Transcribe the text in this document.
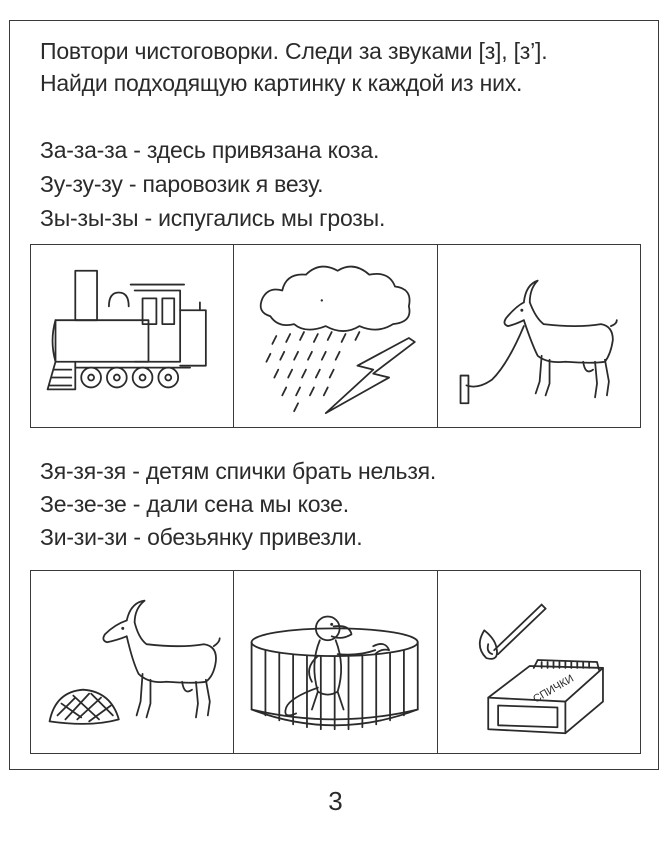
Повтори чистоговорки. Следи за звуками [з], [з’].
Найди подходящую картинку к каждой из них.
За-за-за - здесь привязана коза.
Зу-зу-зу - паровозик я везу.
Зы-зы-зы - испугались мы грозы.
Зя-зя-зя - детям спички брать нельзя.
Зе-зе-зе - дали сена мы козе.
Зи-зи-зи - обезьянку привезли.
СПИЧКИ
3
